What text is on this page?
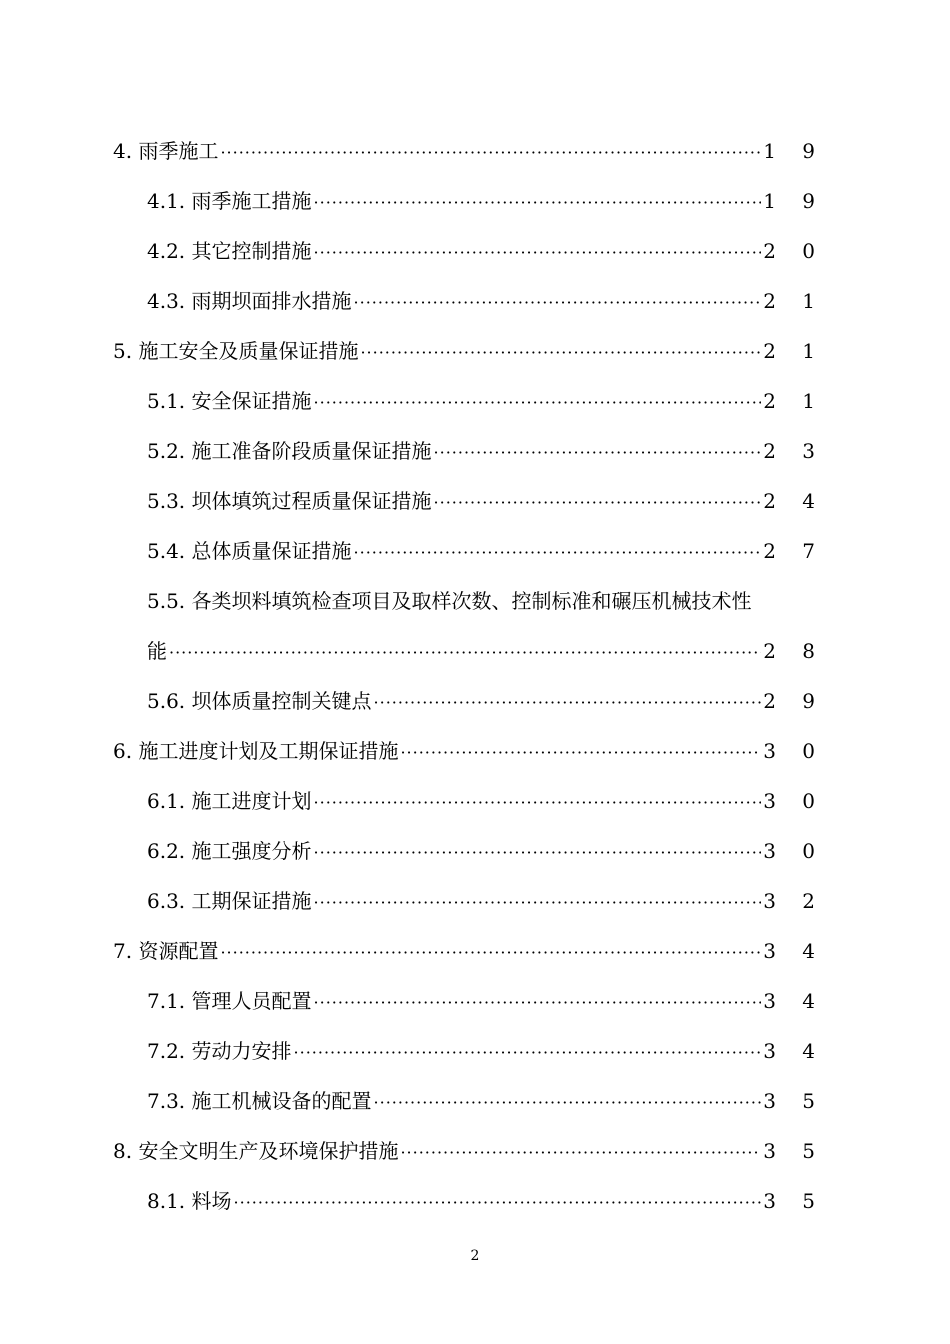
4. 雨季施工 ·····	1 9
4.1. 雨季施工措施 ·····	1 9
4.2. 其它控制措施 ·····	2 0
4.3. 雨期坝面排水措施 ·····	2 1
5. 施工安全及质量保证措施 ·····	2 1
5.1. 安全保证措施 ·····	2 1
5.2. 施工准备阶段质量保证措施 ·····	2 3
5.3. 坝体填筑过程质量保证措施 ·····	2 4
5.4. 总体质量保证措施 ·····	2 7
5.5. 各类坝料填筑检查项目及取样次数、控制标准和碾压机械技术性
能 ·····	2 8
5.6. 坝体质量控制关键点 ·····	2 9
6. 施工进度计划及工期保证措施 ·····	3 0
6.1. 施工进度计划 ·····	3 0
6.2. 施工强度分析 ·····	3 0
6.3. 工期保证措施 ·····	3 2
7. 资源配置 ·····	3 4
7.1. 管理人员配置 ·····	3 4
7.2. 劳动力安排 ·····	3 4
7.3. 施工机械设备的配置 ·····	3 5
8. 安全文明生产及环境保护措施 ·····	3 5
8.1. 料场 ·····	3 5
2
